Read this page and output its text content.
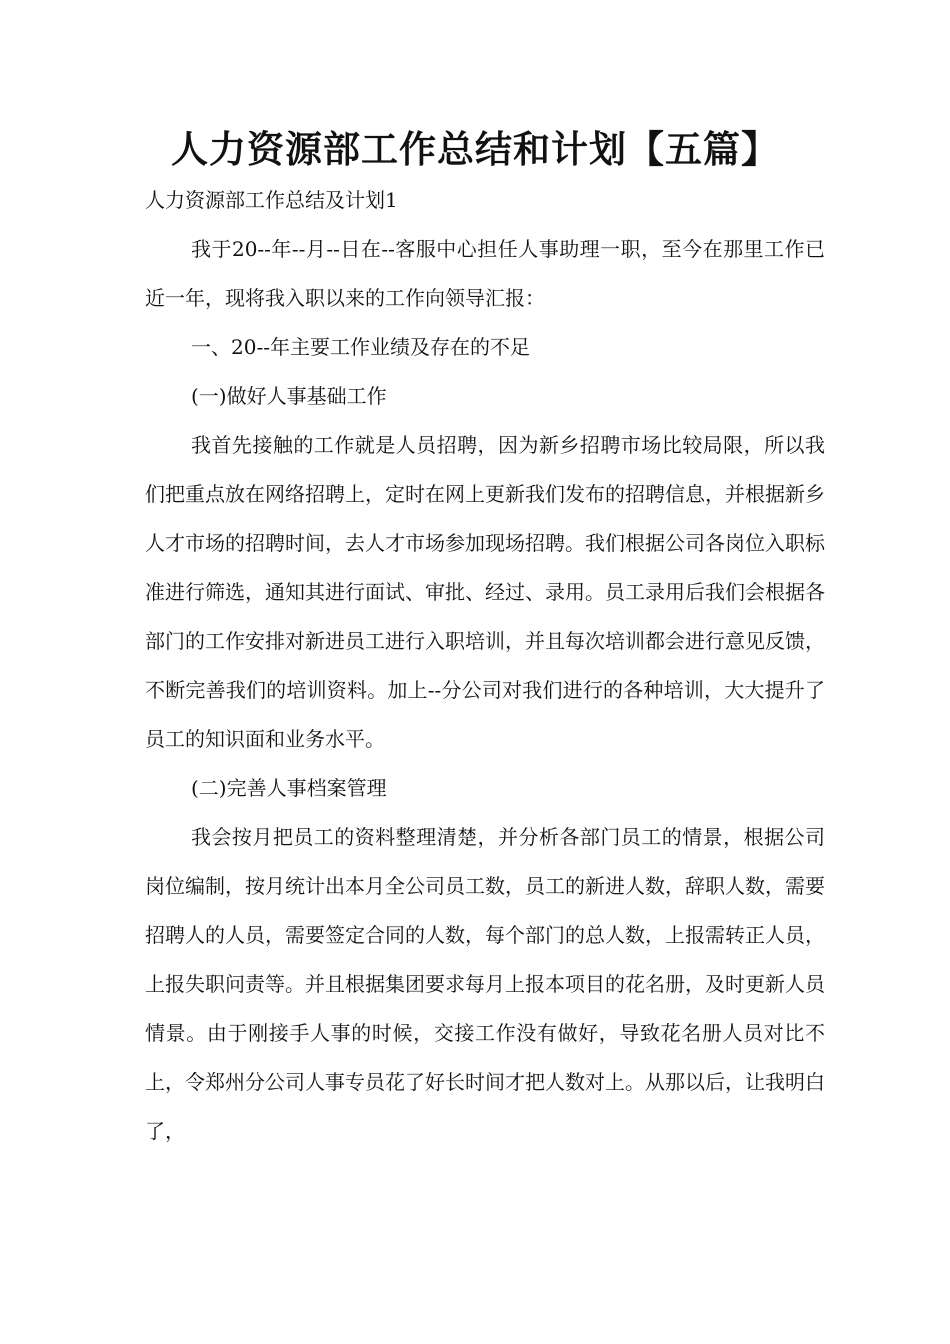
人力资源部工作总结和计划【五篇】

人力资源部工作总结及计划1

我于20--年--月--日在--客服中心担任人事助理一职，至今在那里工作已近一年，现将我入职以来的工作向领导汇报：

一、20--年主要工作业绩及存在的不足

(一)做好人事基础工作

我首先接触的工作就是人员招聘，因为新乡招聘市场比较局限，所以我们把重点放在网络招聘上，定时在网上更新我们发布的招聘信息，并根据新乡人才市场的招聘时间，去人才市场参加现场招聘。我们根据公司各岗位入职标准进行筛选，通知其进行面试、审批、经过、录用。员工录用后我们会根据各部门的工作安排对新进员工进行入职培训，并且每次培训都会进行意见反馈，不断完善我们的培训资料。加上--分公司对我们进行的各种培训，大大提升了员工的知识面和业务水平。

(二)完善人事档案管理

我会按月把员工的资料整理清楚，并分析各部门员工的情景，根据公司岗位编制，按月统计出本月全公司员工数，员工的新进人数，辞职人数，需要招聘人的人员，需要签定合同的人数，每个部门的总人数，上报需转正人员，上报失职问责等。并且根据集团要求每月上报本项目的花名册，及时更新人员情景。由于刚接手人事的时候，交接工作没有做好，导致花名册人员对比不上，令郑州分公司人事专员花了好长时间才把人数对上。从那以后，让我明白了，
